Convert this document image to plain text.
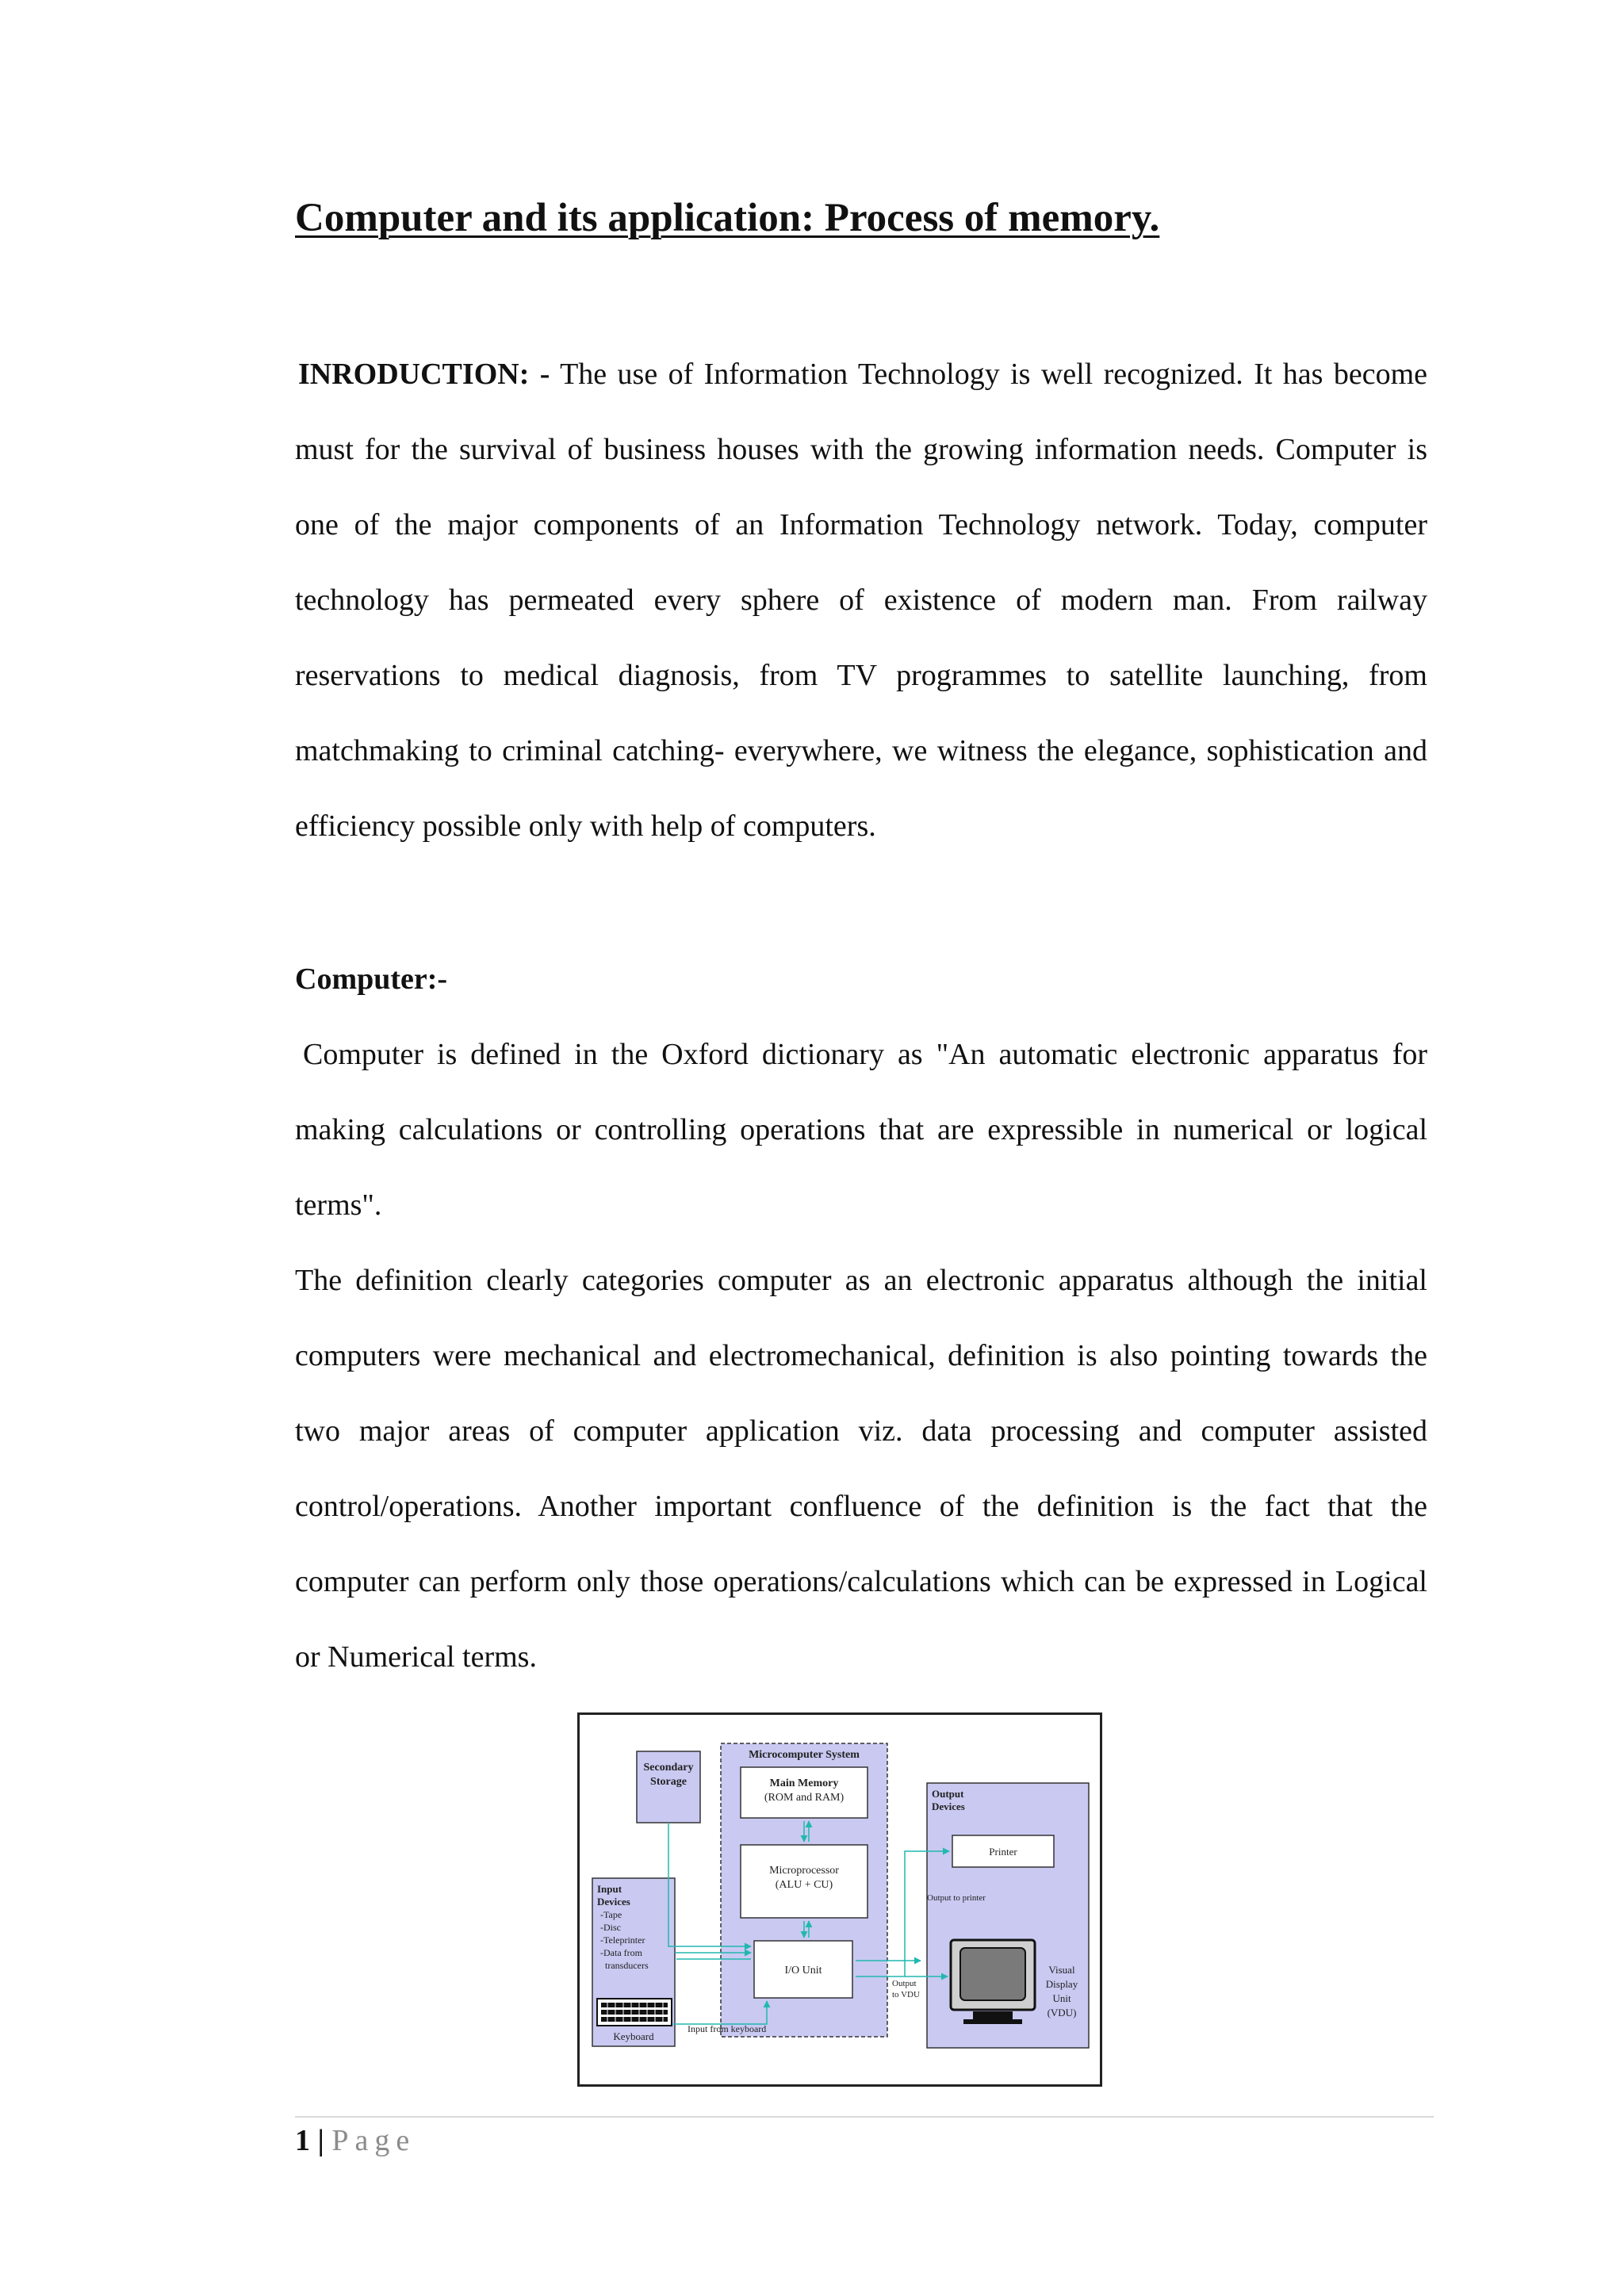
Computer and its application: Process of memory.

INRODUCTION: - The use of Information Technology is well recognized. It has become must for the survival of business houses with the growing information needs. Computer is one of the major components of an Information Technology network. Today, computer technology has permeated every sphere of existence of modern man. From railway reservations to medical diagnosis, from TV programmes to satellite launching, from matchmaking to criminal catching- everywhere, we witness the elegance, sophistication and efficiency possible only with help of computers.

Computer:-

Computer is defined in the Oxford dictionary as "An automatic electronic apparatus for making calculations or controlling operations that are expressible in numerical or logical terms".

The definition clearly categories computer as an electronic apparatus although the initial computers were mechanical and electromechanical, definition is also pointing towards the two major areas of computer application viz. data processing and computer assisted control/operations. Another important confluence of the definition is the fact that the computer can perform only those operations/calculations which can be expressed in Logical or Numerical terms.

Secondary
Storage
Microcomputer System
Main Memory
(ROM and RAM)
Microprocessor
(ALU + CU)
I/O Unit
Input
Devices
-Tape
-Disc
-Teleprinter
-Data from
transducers
Keyboard
Output
Devices
Printer
Output to printer
Visual
Display
Unit
(VDU)
Output
to VDU
Input from keyboard
1 | Page
